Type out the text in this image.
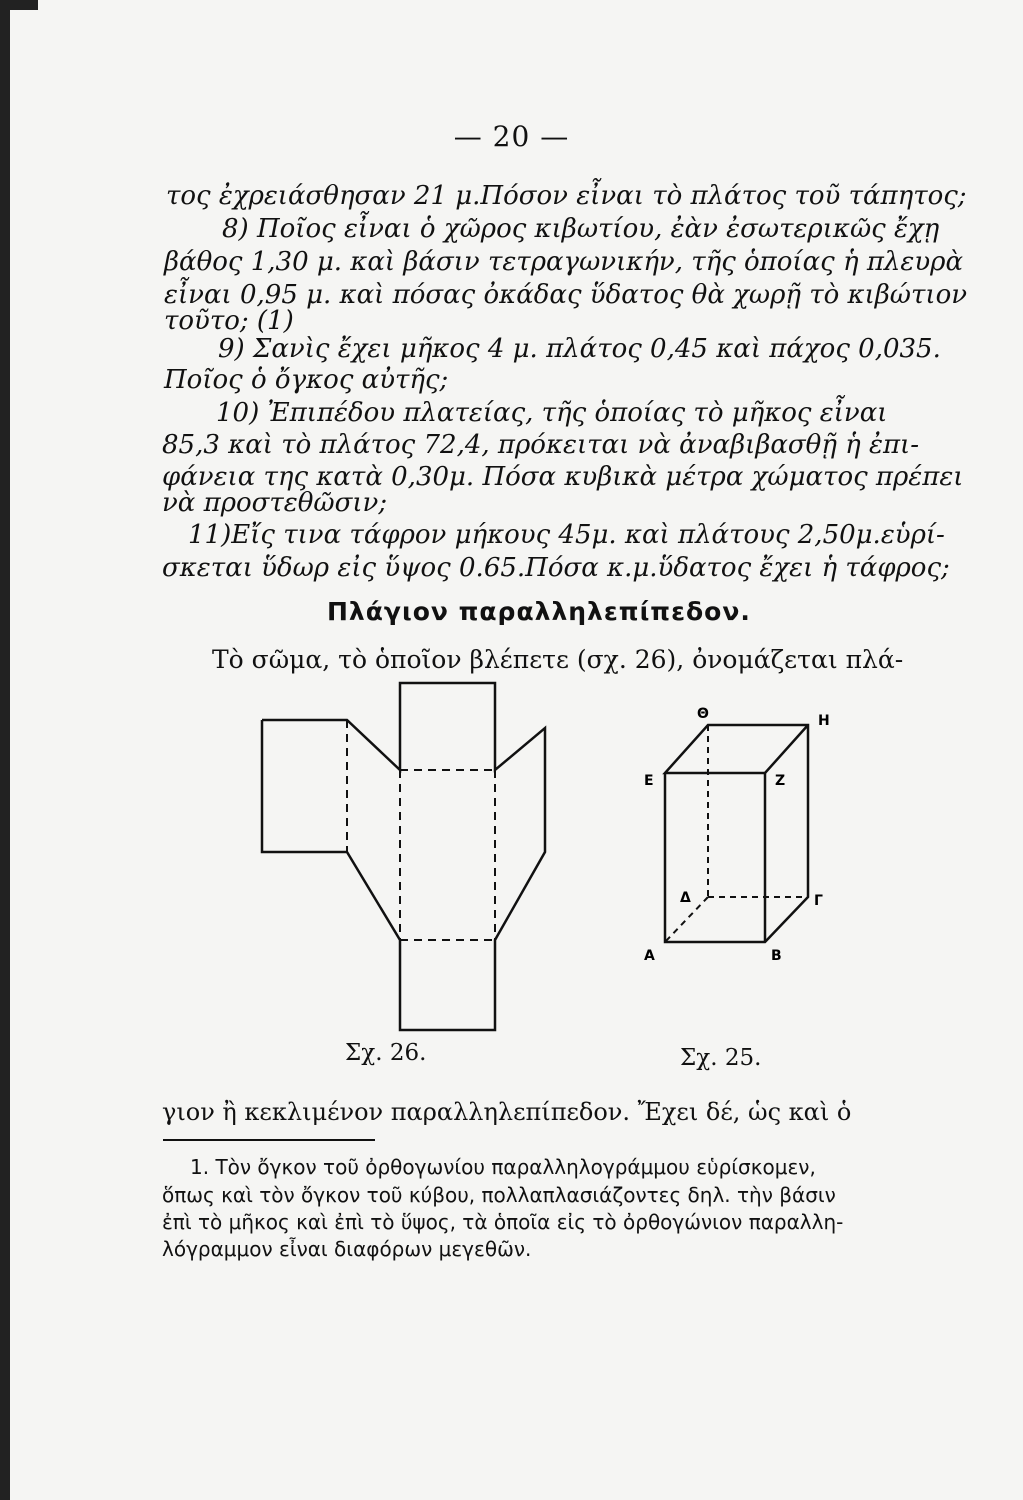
— 20 —
τος ἐχρειάσθησαν 21 μ.Πόσον εἶναι τὸ πλάτος τοῦ τάπητος;
8) Ποῖος εἶναι ὁ χῶρος κιβωτίου, ἐὰν ἐσωτερικῶς ἔχῃ
βάθος 1,30 μ. καὶ βάσιν τετραγωνικήν, τῆς ὁποίας ἡ πλευρὰ
εἶναι 0,95 μ. καὶ πόσας ὀκάδας ὕδατος θὰ χωρῇ τὸ κιβώτιον
τοῦτο; (1)
9) Σανὶς ἔχει μῆκος 4 μ. πλάτος 0,45 καὶ πάχος 0,035.
Ποῖος ὁ ὄγκος αὐτῆς;
10) Ἐπιπέδου πλατείας, τῆς ὁποίας τὸ μῆκος εἶναι
85,3 καὶ τὸ πλάτος 72,4, πρόκειται νὰ ἀναβιβασθῇ ἡ ἐπι-
φάνεια της κατὰ 0,30μ. Πόσα κυβικὰ μέτρα χώματος πρέπει
νὰ προστεθῶσιν;
11)Εἴς τινα τάφρον μήκους 45μ. καὶ πλάτους 2,50μ.εὑρί-
σκεται ὕδωρ εἰς ὕψος 0.65.Πόσα κ.μ.ὕδατος ἔχει ἡ τάφρος;
Πλάγιον παραλληλεπίπεδον.
Τὸ σῶμα, τὸ ὁποῖον βλέπετε (σχ. 26), ὀνομάζεται πλά-
Θ	Η
Ε	Ζ
Δ	Γ
Α	Β
Σχ. 26.	Σχ. 25.
γιον ἢ κεκλιμένον παραλληλεπίπεδον. Ἔχει δέ, ὡς καὶ ὁ
1. Τὸν ὄγκον τοῦ ὀρθογωνίου παραλληλογράμμου εὑρίσκομεν,
ὅπως καὶ τὸν ὄγκον τοῦ κύβου, πολλαπλασιάζοντες δηλ. τὴν βάσιν
ἐπὶ τὸ μῆκος καὶ ἐπὶ τὸ ὕψος, τὰ ὁποῖα εἰς τὸ ὀρθογώνιον παραλλη-
λόγραμμον εἶναι διαφόρων μεγεθῶν.
